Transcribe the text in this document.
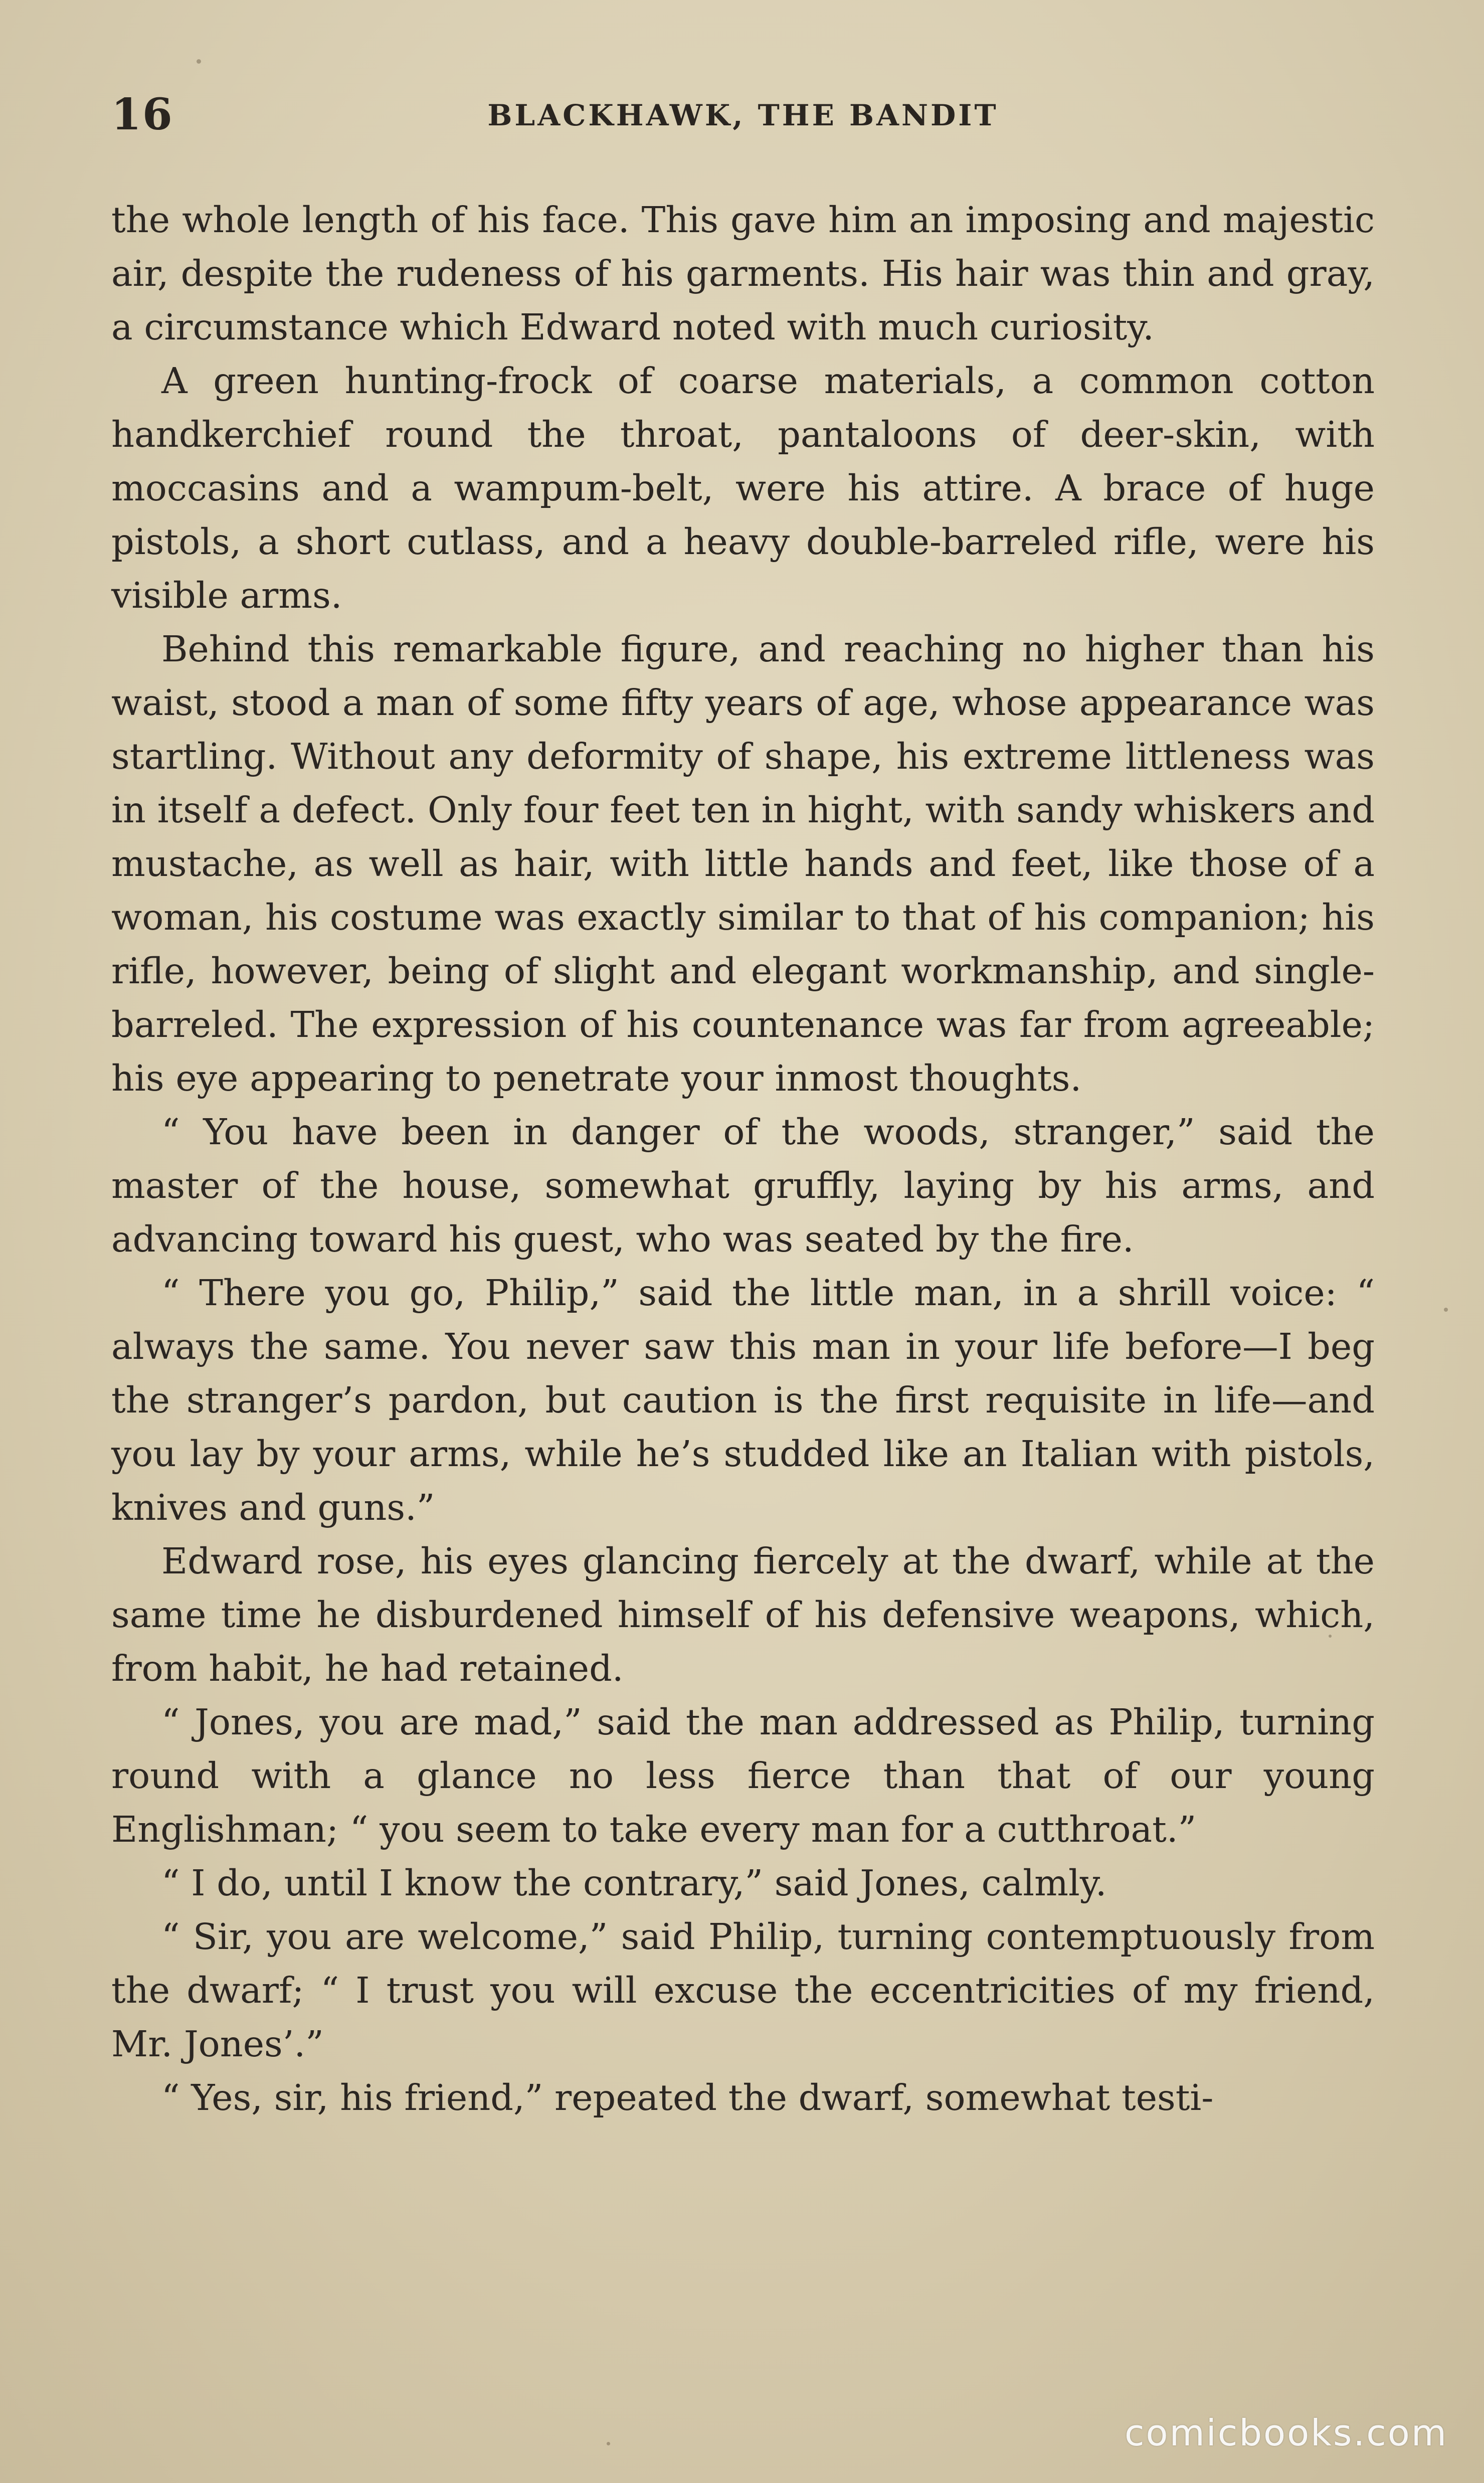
16	BLACKHAWK, THE BANDIT

the whole length of his face. This gave him an imposing and majestic air, despite the rudeness of his garments. His hair was thin and gray, a circumstance which Edward noted with much curiosity.

A green hunting-frock of coarse materials, a common cotton handkerchief round the throat, pantaloons of deer-skin, with moccasins and a wampum-belt, were his attire. A brace of huge pistols, a short cutlass, and a heavy double-barreled rifle, were his visible arms.

Behind this remarkable figure, and reaching no higher than his waist, stood a man of some fifty years of age, whose appearance was startling. Without any deformity of shape, his extreme littleness was in itself a defect. Only four feet ten in hight, with sandy whiskers and mustache, as well as hair, with little hands and feet, like those of a woman, his costume was exactly similar to that of his companion; his rifle, however, being of slight and elegant workmanship, and single-barreled. The expression of his countenance was far from agreeable; his eye appearing to penetrate your inmost thoughts.

“ You have been in danger of the woods, stranger,” said the master of the house, somewhat gruffly, laying by his arms, and advancing toward his guest, who was seated by the fire.

“ There you go, Philip,” said the little man, in a shrill voice: “ always the same. You never saw this man in your life before—I beg the stranger’s pardon, but caution is the first requisite in life—and you lay by your arms, while he’s studded like an Italian with pistols, knives and guns.”

Edward rose, his eyes glancing fiercely at the dwarf, while at the same time he disburdened himself of his defensive weapons, which, from habit, he had retained.

“ Jones, you are mad,” said the man addressed as Philip, turning round with a glance no less fierce than that of our young Englishman; “ you seem to take every man for a cutthroat.”

“ I do, until I know the contrary,” said Jones, calmly.

“ Sir, you are welcome,” said Philip, turning contemptuously from the dwarf; “ I trust you will excuse the eccentricities of my friend, Mr. Jones’.”

“ Yes, sir, his friend,” repeated the dwarf, somewhat testi-

comicbooks.com
